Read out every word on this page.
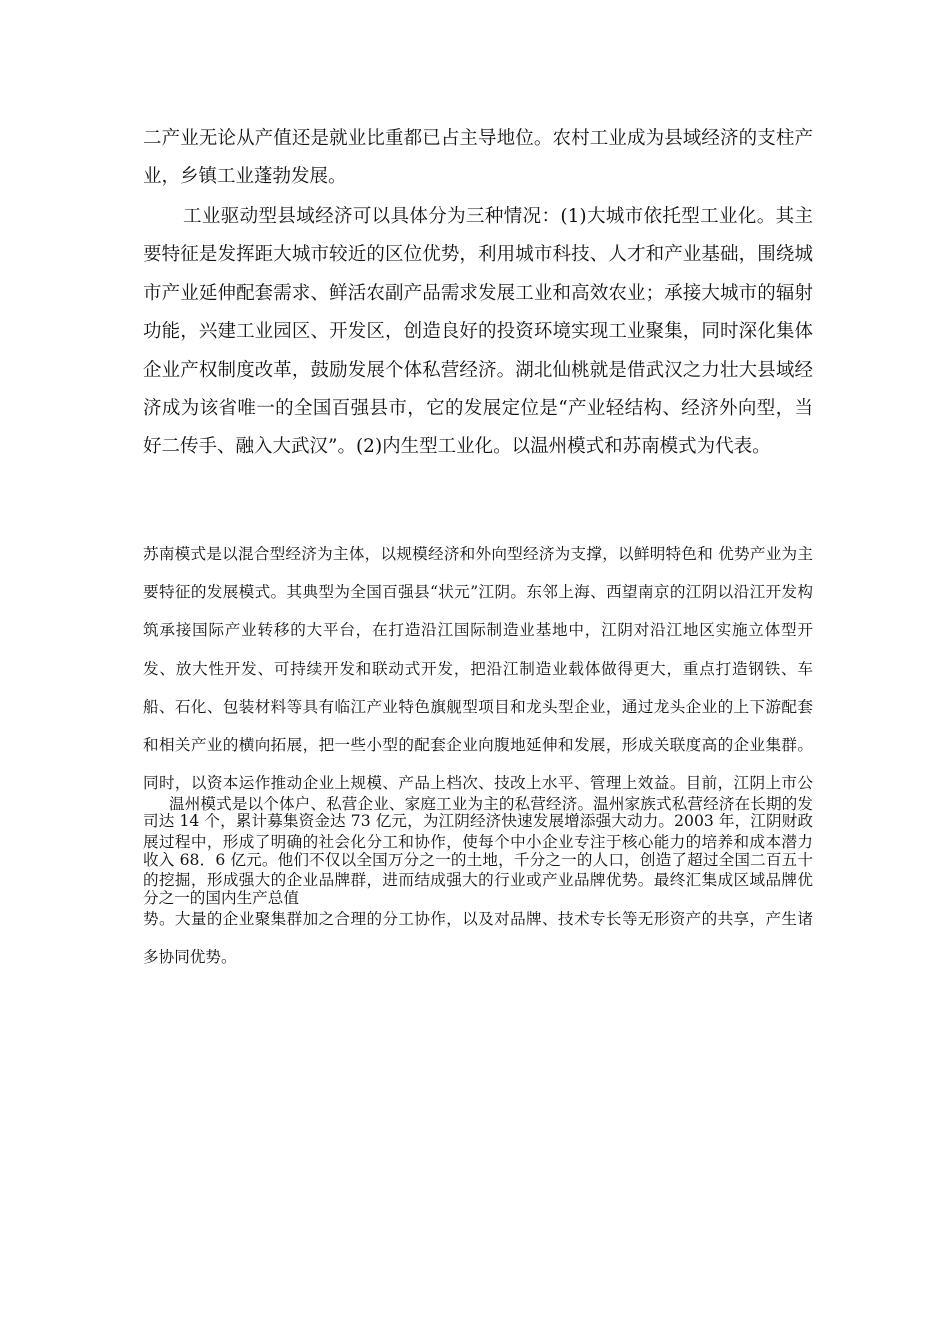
二产业无论从产值还是就业比重都已占主导地位。农村工业成为县域经济的支柱产业，乡镇工业蓬勃发展。

工业驱动型县域经济可以具体分为三种情况：(1)大城市依托型工业化。其主要特征是发挥距大城市较近的区位优势，利用城市科技、人才和产业基础，围绕城市产业延伸配套需求、鲜活农副产品需求发展工业和高效农业；承接大城市的辐射功能，兴建工业园区、开发区，创造良好的投资环境实现工业聚集，同时深化集体企业产权制度改革，鼓励发展个体私营经济。湖北仙桃就是借武汉之力壮大县域经济成为该省唯一的全国百强县市，它的发展定位是“产业轻结构、经济外向型，当好二传手、融入大武汉”。(2)内生型工业化。以温州模式和苏南模式为代表。

苏南模式是以混合型经济为主体，以规模经济和外向型经济为支撑，以鲜明特色和 优势产业为主要特征的发展模式。其典型为全国百强县“状元”江阴。东邻上海、西望南京的江阴以沿江开发构筑承接国际产业转移的大平台，在打造沿江国际制造业基地中，江阴对沿江地区实施立体型开发、放大性开发、可持续开发和联动式开发，把沿江制造业载体做得更大，重点打造钢铁、车船、石化、包装材料等具有临江产业特色旗舰型项目和龙头型企业，通过龙头企业的上下游配套和相关产业的横向拓展，把一些小型的配套企业向腹地延伸和发展，形成关联度高的企业集群。同时，以资本运作推动企业上规模、产品上档次、技改上水平、管理上效益。目前，江阴上市公司达 14 个，累计募集资金达 73 亿元，为江阴经济快速发展增添强大动力。2003 年，江阴财政收入 68．6 亿元。他们不仅以全国万分之一的土地，千分之一的人口，创造了超过全国二百五十分之一的国内生产总值

温州模式是以个体户、私营企业、家庭工业为主的私营经济。温州家族式私营经济在长期的发展过程中，形成了明确的社会化分工和协作，使每个中小企业专注于核心能力的培养和成本潜力的挖掘，形成强大的企业品牌群，进而结成强大的行业或产业品牌优势。最终汇集成区域品牌优势。大量的企业聚集群加之合理的分工协作，以及对品牌、技术专长等无形资产的共享，产生诸多协同优势。
